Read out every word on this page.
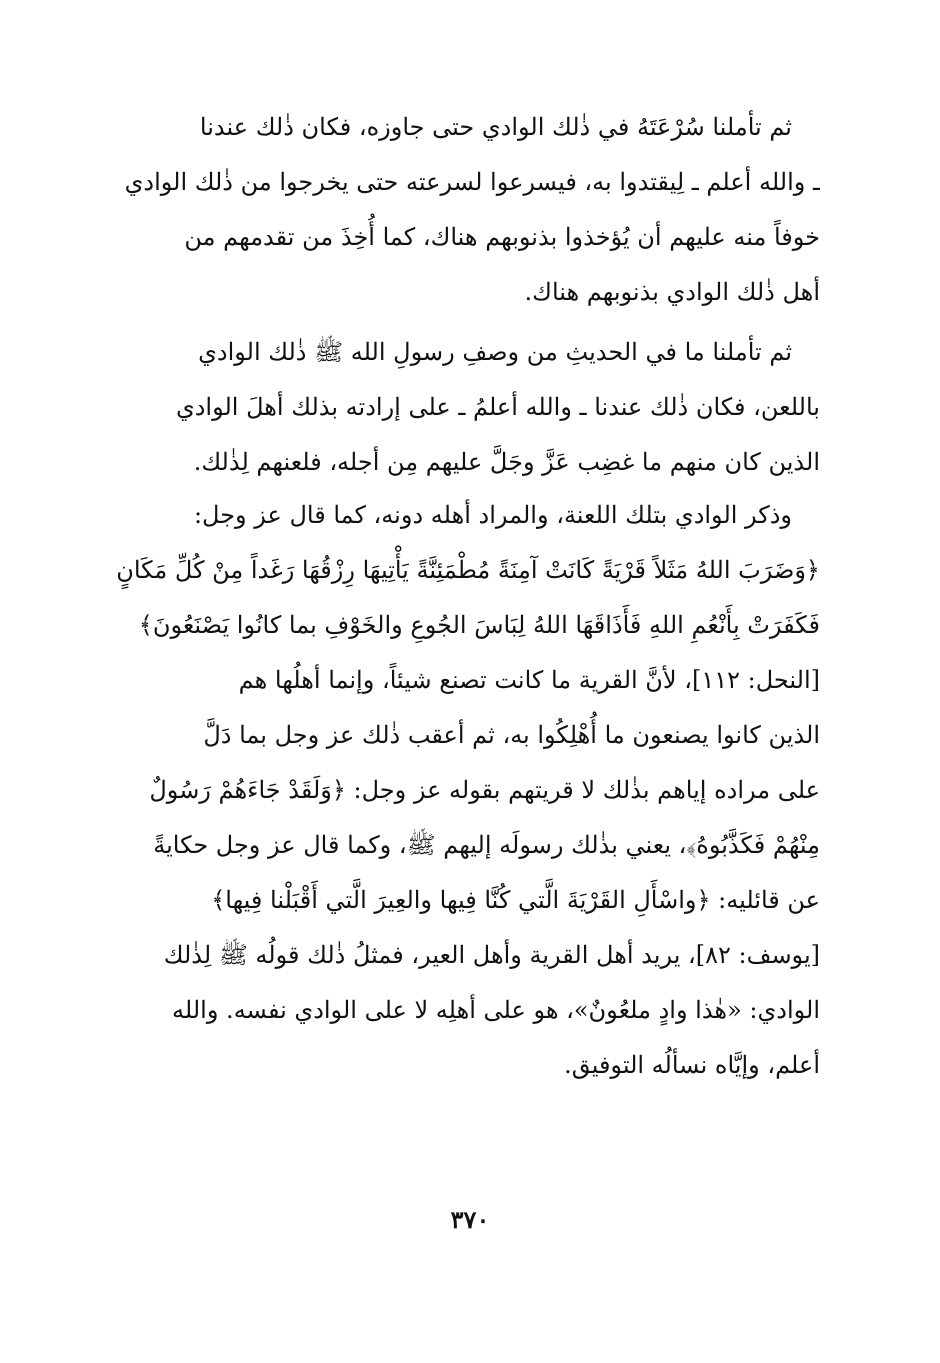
ثم تأملنا سُرْعَتَهُ في ذٰلك الوادي حتى جاوزه، فكان ذٰلك عندنا
ـ والله أعلم ـ لِيقتدوا به، فيسرعوا لسرعته حتى يخرجوا من ذٰلك الوادي
خوفاً منه عليهم أن يُؤخذوا بذنوبهم هناك، كما أُخِذَ من تقدمهم من
أهل ذٰلك الوادي بذنوبهم هناك.
ثم تأملنا ما في الحديثِ من وصفِ رسولِ الله ﷺ ذٰلك الوادي
باللعن، فكان ذٰلك عندنا ـ والله أعلمُ ـ على إرادته بذلك أهلَ الوادي
الذين كان منهم ما غضِب عَزَّ وجَلَّ عليهم مِن أجله، فلعنهم لِذٰلك.
وذكر الوادي بتلك اللعنة، والمراد أهله دونه، كما قال عز وجل:
﴿وَضَرَبَ اللهُ مَثَلاً قَرْيَةً كَانَتْ آمِنَةً مُطْمَئِنَّةً يَأْتِيهَا رِزْقُهَا رَغَداً مِنْ كُلِّ مَكَانٍ
فَكَفَرَتْ بِأَنْعُمِ اللهِ فَأَذَاقَهَا اللهُ لِبَاسَ الجُوعِ والخَوْفِ بما كانُوا يَصْنَعُونَ﴾
[النحل: ١١٢]، لأنَّ القرية ما كانت تصنع شيئاً، وإنما أهلُها هم
الذين كانوا يصنعون ما أُهْلِكُوا به، ثم أعقب ذٰلك عز وجل بما دَلَّ
على مراده إياهم بذٰلك لا قريتهم بقوله عز وجل: ﴿وَلَقَدْ جَاءَهُمْ رَسُولٌ
مِنْهُمْ فَكَذَّبُوهُ﴾، يعني بذٰلك رسولَه إليهم ﷺ، وكما قال عز وجل حكايةً
عن قائليه: ﴿واسْأَلِ القَرْيَةَ الَّتي كُنَّا فِيها والعِيرَ الَّتي أَقْبَلْنا فِيها﴾
[يوسف: ٨٢]، يريد أهل القرية وأهل العير، فمثلُ ذٰلك قولُه ﷺ لِذٰلك
الوادي: «هٰذا وادٍ ملعُونٌ»، هو على أهلِه لا على الوادي نفسه. والله
أعلم، وإيَّاه نسألُه التوفيق.
٣٧٠
